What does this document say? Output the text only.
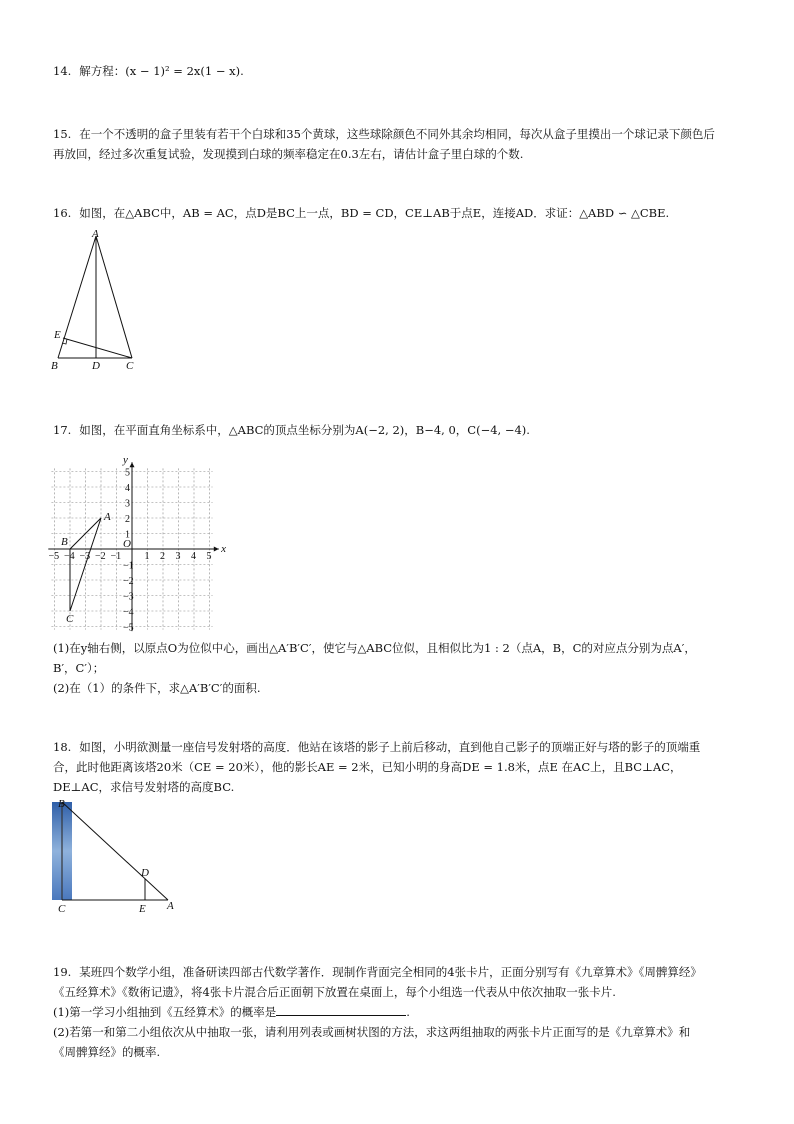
14. 解方程：(x − 1)² = 2x(1 − x).
15. 在一个不透明的盒子里装有若干个白球和35个黄球，这些球除颜色不同外其余均相同，每次从盒子里摸出一个球记录下颜色后
再放回，经过多次重复试验，发现摸到白球的频率稳定在0.3左右，请估计盒子里白球的个数.
16. 如图，在△ABC中，AB = AC，点D是BC上一点，BD = CD，CE⊥AB于点E，连接AD．求证：△ABD ∽ △CBE.
A
B	D C
E
17. 如图，在平面直角坐标系中，△ABC的顶点坐标分别为A(−2, 2)，B−4, 0，C(−4, −4).
x
y
O
−5 −4 −3 −2 −1 1 2 3 4 5
5
4
3
2
1
−1
−2
−3
−4
−5
A
B
C
(1)在y轴右侧，以原点O为位似中心，画出△A′B′C′，使它与△ABC位似，且相似比为1 : 2（点A，B，C的对应点分别为点A′，
B′，C′）；
(2)在（1）的条件下，求△A′B′C′的面积.
18. 如图，小明欲测量一座信号发射塔的高度．他站在该塔的影子上前后移动，直到他自己影子的顶端正好与塔的影子的顶端重
合，此时他距离该塔20米（CE = 20米），他的影长AE = 2米，已知小明的身高DE = 1.8米，点E 在AC上，且BC⊥AC，
DE⊥AC，求信号发射塔的高度BC.
B
C
D
E A
19. 某班四个数学小组，准备研读四部古代数学著作．现制作背面完全相同的4张卡片，正面分别写有《九章算术》《周髀算经》
《五经算术》《数術记遗》，将4张卡片混合后正面朝下放置在桌面上，每个小组选一代表从中依次抽取一张卡片.
(1)第一学习小组抽到《五经算术》的概率是	.
(2)若第一和第二小组依次从中抽取一张，请利用列表或画树状图的方法，求这两组抽取的两张卡片正面写的是《九章算术》和
《周髀算经》的概率.
